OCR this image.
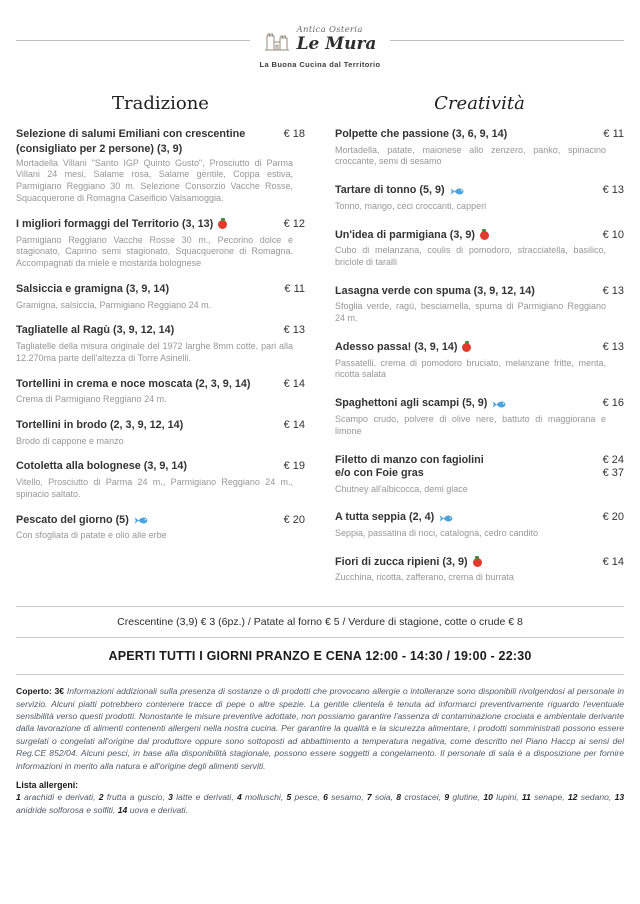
Antica Osteria
Le Mura
La Buona Cucina dal Territorio
Tradizione	Creatività
Selezione di salumi Emiliani con crescentine	€ 18
(consigliato per 2 persone) (3, 9)
Mortadella Villani "Santo IGP Quinto Gusto", Prosciutto di Parma Villani 24 mesi, Salame rosa, Salame gentile, Coppa estiva, Parmigiano Reggiano 30 m. Selezione Consorzio Vacche Rosse, Squacquerone di Romagna Caseificio Valsamoggia.
I migliori formaggi del Territorio (3, 13)	€ 12
Parmigiano Reggiano Vacche Rosse 30 m., Pecorino dolce e stagionato, Caprino semi stagionato, Squacquerone di Romagna. Accompagnati da miele e mostarda bolognese
Salsiccia e gramigna (3, 9, 14)	€ 11
Gramigna, salsiccia, Parmigiano Reggiano 24 m.
Tagliatelle al Ragù (3, 9, 12, 14)	€ 13
Tagliatelle della misura originale del 1972 larghe 8mm cotte, pari alla 12.270ma parte dell'altezza di Torre Asinelli.
Tortellini in crema e noce moscata (2, 3, 9, 14)	€ 14
Crema di Parmigiano Reggiano 24 m.
Tortellini in brodo (2, 3, 9, 12, 14)	€ 14
Brodo di cappone e manzo
Cotoletta alla bolognese (3, 9, 14)	€ 19
Vitello, Prosciutto di Parma 24 m., Parmigiano Reggiano 24 m., spinacio saltato.
Pescato del giorno (5)	€ 20
Con sfogliata di patate e olio alle erbe
Polpette che passione (3, 6, 9, 14)	€ 11
Mortadella, patate, maionese allo zenzero, panko, spinacino croccante, semi di sesamo
Tartare di tonno (5, 9)	€ 13
Tonno, mango, ceci croccanti, capperi
Un'idea di parmigiana (3, 9)	€ 10
Cubo di melanzana, coulis di pomodoro, stracciatella, basilico, briciole di taralli
Lasagna verde con spuma (3, 9, 12, 14)	€ 13
Sfoglia verde, ragù, besciamella, spuma di Parmigiano Reggiano 24 m.
Adesso passa! (3, 9, 14)	€ 13
Passatelli, crema di pomodoro bruciato, melanzane fritte, menta, ricotta salata
Spaghettoni agli scampi (5, 9)	€ 16
Scampo crudo, polvere di olive nere, battuto di maggiorana e limone
Filetto di manzo con fagiolini	€ 24
e/o con Foie gras	€ 37
Chutney all'albicocca, demi glace
A tutta seppia (2, 4)	€ 20
Seppia, passatina di noci, catalogna, cedro candito
Fiori di zucca ripieni (3, 9)	€ 14
Zucchina, ricotta, zafferano, crema di burrata
Crescentine (3,9) € 3 (6pz.) / Patate al forno € 5 / Verdure di stagione, cotte o crude € 8
APERTI TUTTI I GIORNI PRANZO E CENA 12:00 - 14:30 / 19:00 - 22:30

Coperto: 3€ Informazioni addizionali sulla presenza di sostanze o di prodotti che provocano allergie o intolleranze sono disponibili rivolgendosi al personale in servizio. Alcuni piatti potrebbero contenere tracce di pepe o altre spezie. La gentile clientela è tenuta ad informarci preventivamente riguardo l'eventuale sensibilità verso questi prodotti. Nonostante le misure preventive adottate, non possiamo garantire l'assenza di contaminazione crociata e ambientale derivante dalla lavorazione di alimenti contenenti allergeni nella nostra cucina. Per garantire la qualità e la sicurezza alimentare, i prodotti somministrati possono essere surgelati o congelati all'origine dal produttore oppure sono sottoposti ad abbattimento a temperatura negativa, come descritto nel Piano Haccp ai sensi del Reg.CE 852/04. Alcuni pesci, in base alla disponibilità stagionale, possono essere soggetti a congelamento. Il personale di sala è a disposizione per fornire informazioni in merito alla natura e all'origine degli alimenti serviti.

Lista allergeni:

1 arachidi e derivati, 2 frutta a guscio, 3 latte e derivati, 4 molluschi, 5 pesce, 6 sesamo, 7 soia, 8 crostacei, 9 glutine, 10 lupini, 11 senape, 12 sedano, 13 anidride solforosa e solfiti, 14 uova e derivati.
